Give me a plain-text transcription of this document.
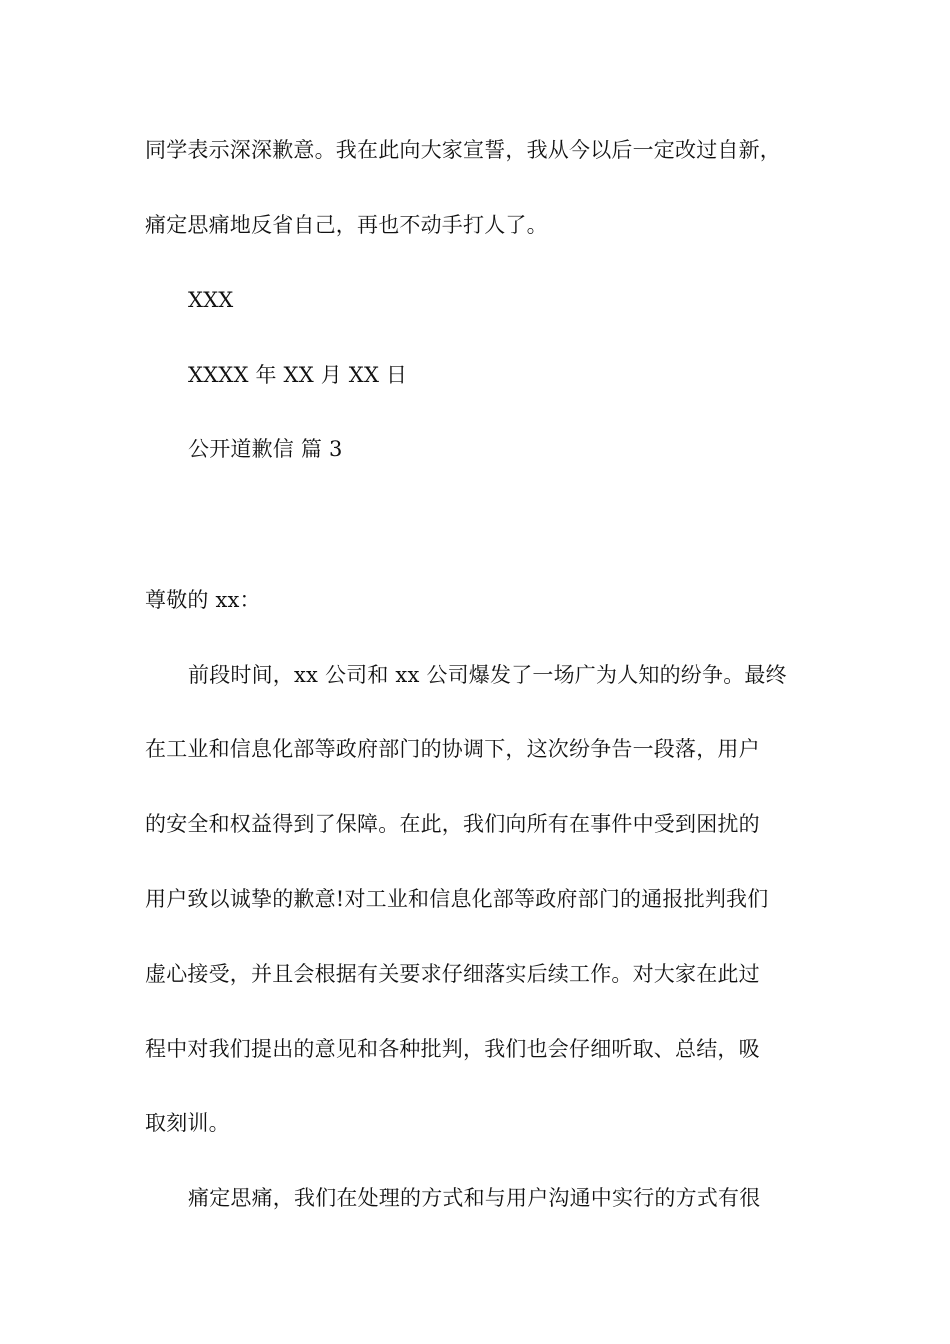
同学表示深深歉意。我在此向大家宣誓，我从今以后一定改过自新，
痛定思痛地反省自己，再也不动手打人了。
XXX
XXXX 年 XX 月 XX 日
公开道歉信 篇 3
尊敬的 xx：
前段时间，xx 公司和 xx 公司爆发了一场广为人知的纷争。最终
在工业和信息化部等政府部门的协调下，这次纷争告一段落，用户
的安全和权益得到了保障。在此，我们向所有在事件中受到困扰的
用户致以诚挚的歉意!对工业和信息化部等政府部门的通报批判我们
虚心接受，并且会根据有关要求仔细落实后续工作。对大家在此过
程中对我们提出的意见和各种批判，我们也会仔细听取、总结，吸
取刻训。
痛定思痛，我们在处理的方式和与用户沟通中实行的方式有很
